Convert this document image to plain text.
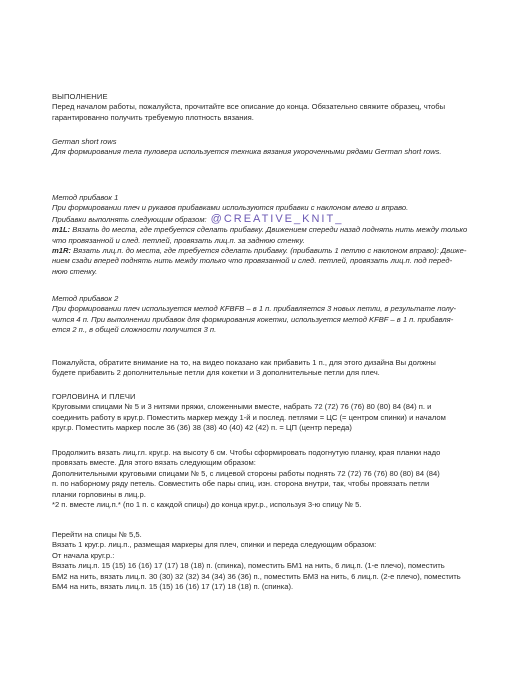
ВЫПОЛНЕНИЕ
Перед началом работы, пожалуйста, прочитайте все описание до конца. Обязательно свяжите образец, чтобы
гарантированно получить требуемую плотность вязания.
German short rows
Для формирования тела пуловера используется техника вязания укороченными рядами German short rows.
Метод прибавок 1
При формировании плеч и рукавов прибавками используются прибавки с наклоном влево и вправо.
Прибавки выполнять следующим образом: @CREATIVE_KNIT_
m1L: Вязать до места, где требуется сделать прибавку. Движением спереди назад поднять нить между только
что провязанной и след. петлей, провязать лиц.п. за заднюю стенку.
m1R: Вязать лиц.п. до места, где требуется сделать прибавку. (прибавить 1 петлю с наклоном вправо): Движе-
нием сзади вперед поднять нить между только что провязанной и след. петлей, провязать лиц.п. под перед-
нюю стенку.
Метод прибавок 2
При формировании плеч используется метод KFBFB – в 1 п. прибавляется 3 новых петли, в результате полу-
чится 4 п. При выполнении прибавок для формирования кокетки, используется метод KFBF – в 1 п. прибавля-
ется 2 п., в общей сложности получится 3 п.
Пожалуйста, обратите внимание на то, на видео показано как прибавить 1 п., для этого дизайна Вы должны
будете прибавить 2 дополнительные петли для кокетки и 3 дополнительные петли для плеч.
ГОРЛОВИНА И ПЛЕЧИ
Круговыми спицами № 5 и 3 нитями пряжи, сложенными вместе, набрать 72 (72) 76 (76) 80 (80) 84 (84) п. и
соединить работу в круг.р. Поместить маркер между 1-й и послед. петлями = ЦС (= центром спинки) и началом
круг.р. Поместить маркер после 36 (36) 38 (38) 40 (40) 42 (42) п. = ЦП (центр переда)
Продолжить вязать лиц.гл. круг.р. на высоту 6 см. Чтобы сформировать подогнутую планку, края планки надо
провязать вместе. Для этого вязать следующим образом:
Дополнительными круговыми спицами № 5, с лицевой стороны работы поднять 72 (72) 76 (76) 80 (80) 84 (84)
п. по наборному ряду петель. Совместить обе пары спиц, изн. сторона внутри, так, чтобы провязать петли
планки горловины в лиц.р.
*2 п. вместе лиц.п.* (по 1 п. с каждой спицы) до конца круг.р., используя 3-ю спицу № 5.
Перейти на спицы № 5,5.
Вязать 1 круг.р. лиц.п., размещая маркеры для плеч, спинки и переда следующим образом:
От начала круг.р.:
Вязать лиц.п. 15 (15) 16 (16) 17 (17) 18 (18) п. (спинка), поместить БМ1 на нить, 6 лиц.п. (1-е плечо), поместить
БМ2 на нить, вязать лиц.п. 30 (30) 32 (32) 34 (34) 36 (36) п., поместить БМ3 на нить, 6 лиц.п. (2-е плечо), поместить
БМ4 на нить, вязать лиц.п. 15 (15) 16 (16) 17 (17) 18 (18) п. (спинка).
